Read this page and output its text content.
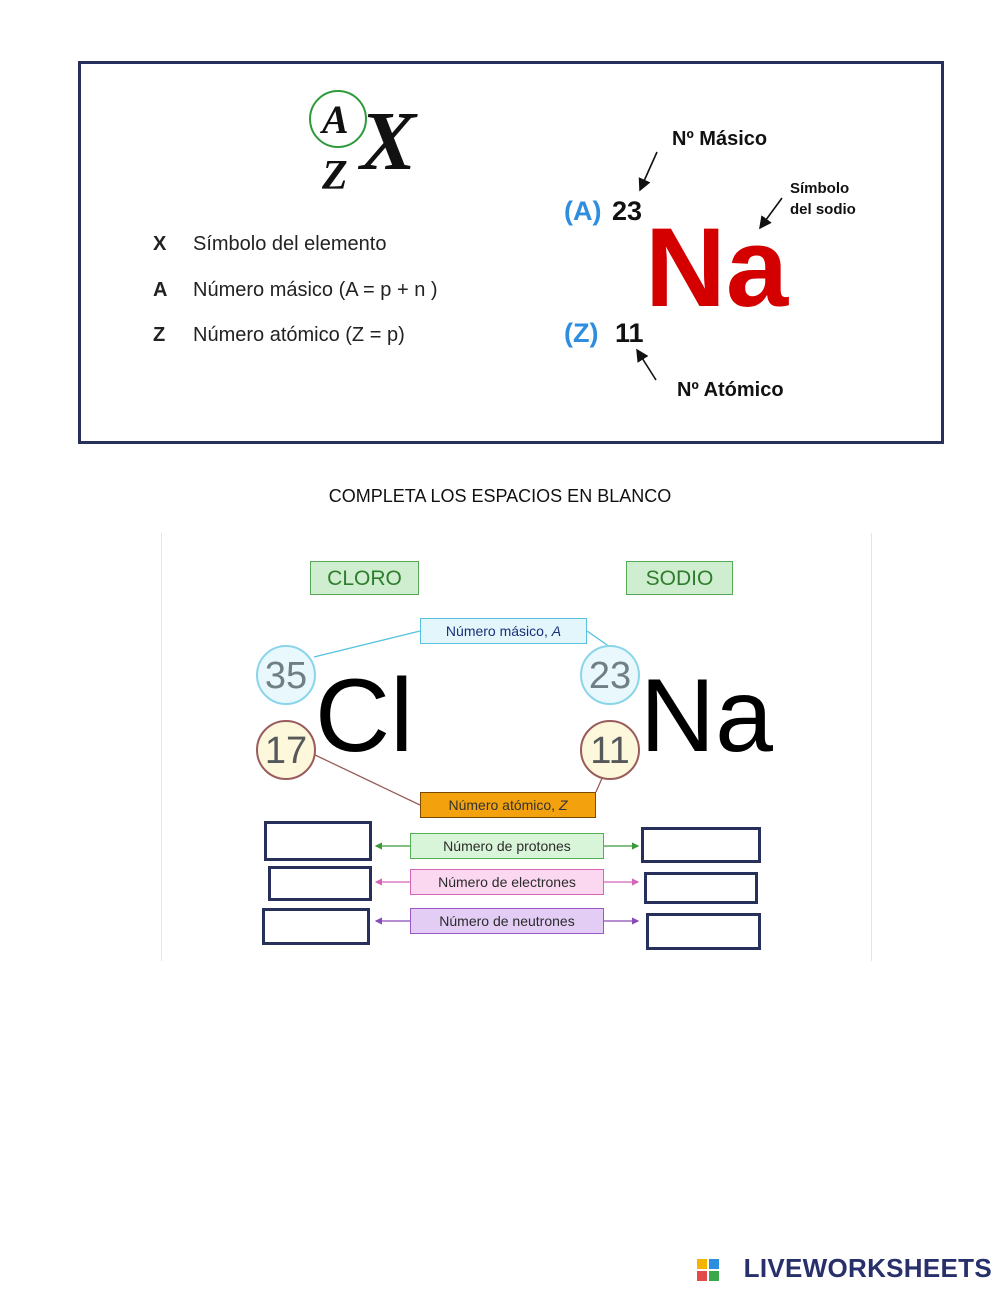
A
Z X
X Símbolo del elemento
A Número másico (A = p + n )
Z Número atómico (Z = p)
Nº Másico
Símbolo
del sodio
(A) 23 Na
(Z) 11
Nº Atómico
COMPLETA LOS ESPACIOS EN BLANCO
CLORO	SODIO
Número másico, A
Número atómico, Z
35
17 Cl	23
11 Na
Número de protones
Número de electrones
Número de neutrones
LIVEWORKSHEETS
